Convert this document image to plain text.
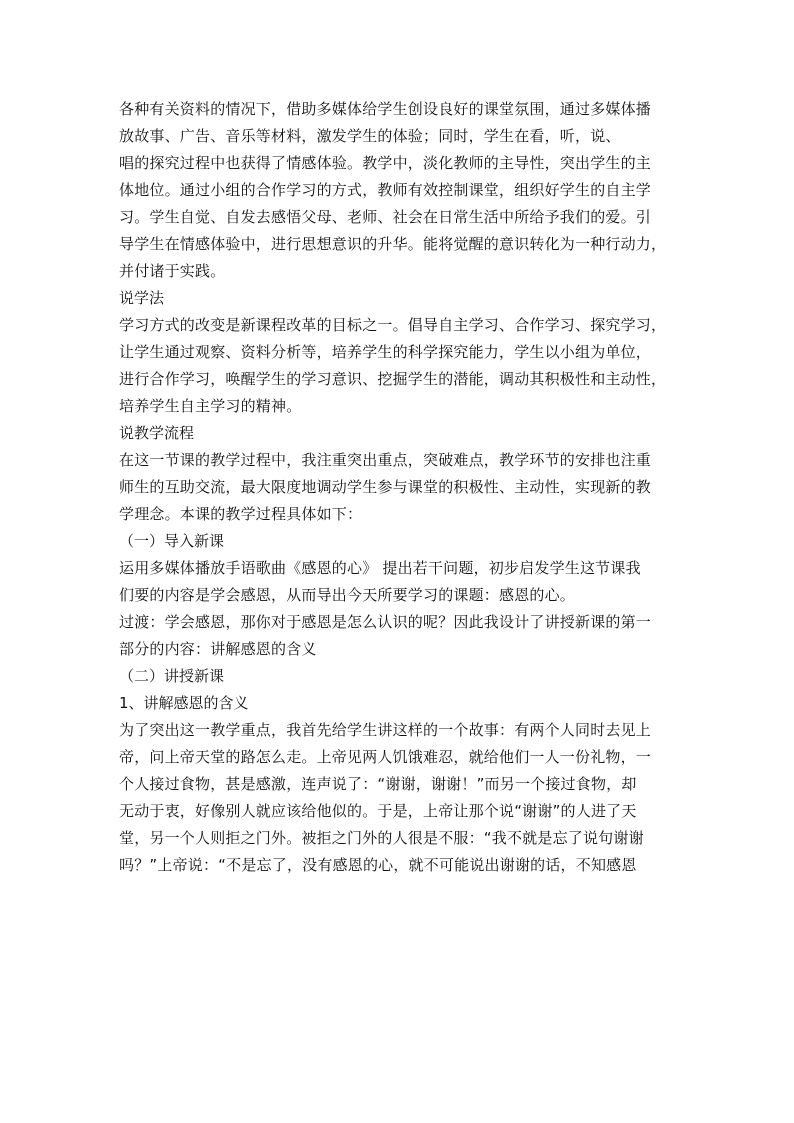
各种有关资料的情况下，借助多媒体给学生创设良好的课堂氛围，通过多媒体播
放故事、广告、音乐等材料，激发学生的体验；同时，学生在看，听，说、
唱的探究过程中也获得了情感体验。教学中，淡化教师的主导性，突出学生的主
体地位。通过小组的合作学习的方式，教师有效控制课堂，组织好学生的自主学
习。学生自觉、自发去感悟父母、老师、社会在日常生活中所给予我们的爱。引
导学生在情感体验中，进行思想意识的升华。能将觉醒的意识转化为一种行动力，
并付诸于实践。
说学法
学习方式的改变是新课程改革的目标之一。倡导自主学习、合作学习、探究学习，
让学生通过观察、资料分析等，培养学生的科学探究能力，学生以小组为单位，
进行合作学习，唤醒学生的学习意识、挖掘学生的潜能，调动其积极性和主动性，
培养学生自主学习的精神。
说教学流程
在这一节课的教学过程中，我注重突出重点，突破难点，教学环节的安排也注重
师生的互助交流，最大限度地调动学生参与课堂的积极性、主动性，实现新的教
学理念。本课的教学过程具体如下：
（一）导入新课
运用多媒体播放手语歌曲《感恩的心》 提出若干问题，初步启发学生这节课我
们要的内容是学会感恩，从而导出今天所要学习的课题：感恩的心。
过渡：学会感恩，那你对于感恩是怎么认识的呢？因此我设计了讲授新课的第一
部分的内容：讲解感恩的含义
（二）讲授新课
1、讲解感恩的含义
为了突出这一教学重点，我首先给学生讲这样的一个故事：有两个人同时去见上
帝，问上帝天堂的路怎么走。上帝见两人饥饿难忍，就给他们一人一份礼物，一
个人接过食物，甚是感激，连声说了：“谢谢，谢谢！”而另一个接过食物，却
无动于衷，好像别人就应该给他似的。于是，上帝让那个说“谢谢”的人进了天
堂，另一个人则拒之门外。被拒之门外的人很是不服：“我不就是忘了说句谢谢
吗？”上帝说：“不是忘了，没有感恩的心，就不可能说出谢谢的话，不知感恩
